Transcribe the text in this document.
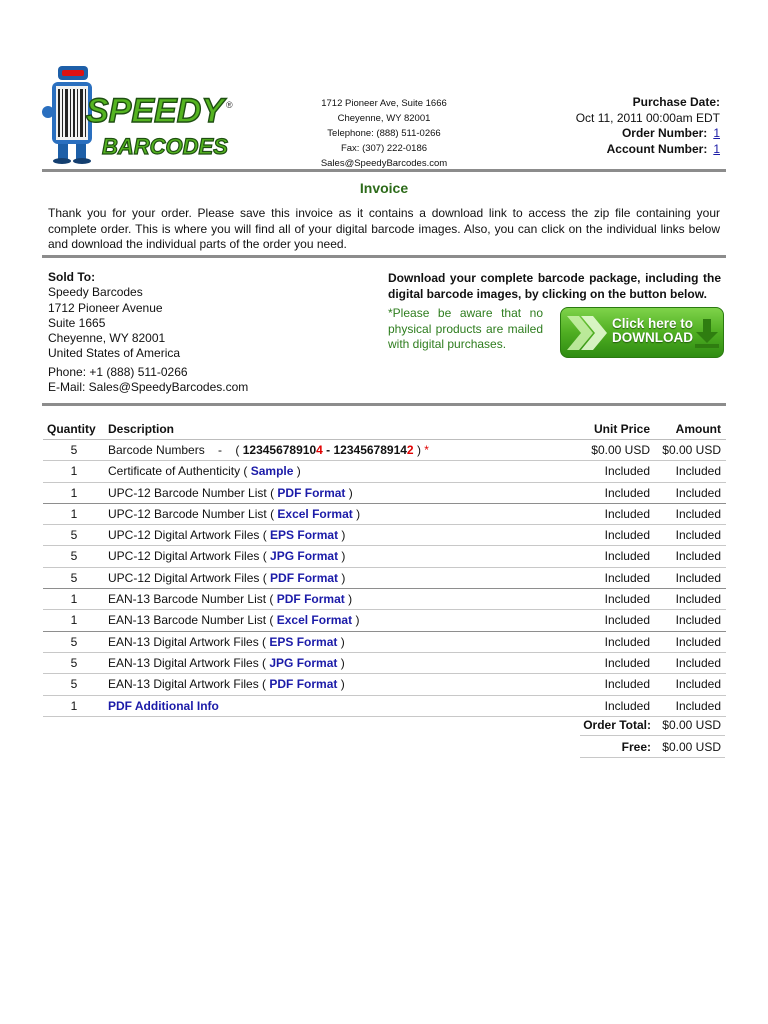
SPEEDY
BARCODES
®	1712 Pioneer Ave, Suite 1666
Cheyenne, WY 82001
Telephone: (888) 511-0266
Fax: (307) 222-0186
Sales@SpeedyBarcodes.com
Purchase Date:
Oct 11, 2011 00:00am EDT
Order Number: 1
Account Number: 1
Invoice
Thank you for your order. Please save this invoice as it contains a download link to access the zip file containing your complete order. This is where you will find all of your digital barcode images. Also, you can click on the individual links below and download the individual parts of the order you need.
Sold To:
Speedy Barcodes
1712 Pioneer Avenue
Suite 1665
Cheyenne, WY 82001
United States of America
Phone: +1 (888) 511-0266
E-Mail: Sales@SpeedyBarcodes.com
Download your complete barcode package, including the digital barcode images, by clicking on the button below.
*Please be aware that no physical products are mailed with digital purchases.
Click here to
DOWNLOAD
Quantity Description	Unit Price Amount
5	Barcode Numbers    -    ( 123456789104 - 123456789142 ) *	$0.00 USD $0.00 USD
1	Certificate of Authenticity ( Sample )	Included Included
1	UPC-12 Barcode Number List ( PDF Format )	Included Included
1	UPC-12 Barcode Number List ( Excel Format )	Included Included
5	UPC-12 Digital Artwork Files ( EPS Format )	Included Included
5	UPC-12 Digital Artwork Files ( JPG Format )	Included Included
5	UPC-12 Digital Artwork Files ( PDF Format )	Included Included
1	EAN-13 Barcode Number List ( PDF Format )	Included Included
1	EAN-13 Barcode Number List ( Excel Format )	Included Included
5	EAN-13 Digital Artwork Files ( EPS Format )	Included Included
5	EAN-13 Digital Artwork Files ( JPG Format )	Included Included
5	EAN-13 Digital Artwork Files ( PDF Format )	Included Included
1	PDF Additional Info	Included Included
Order Total: $0.00 USD
Free: $0.00 USD
